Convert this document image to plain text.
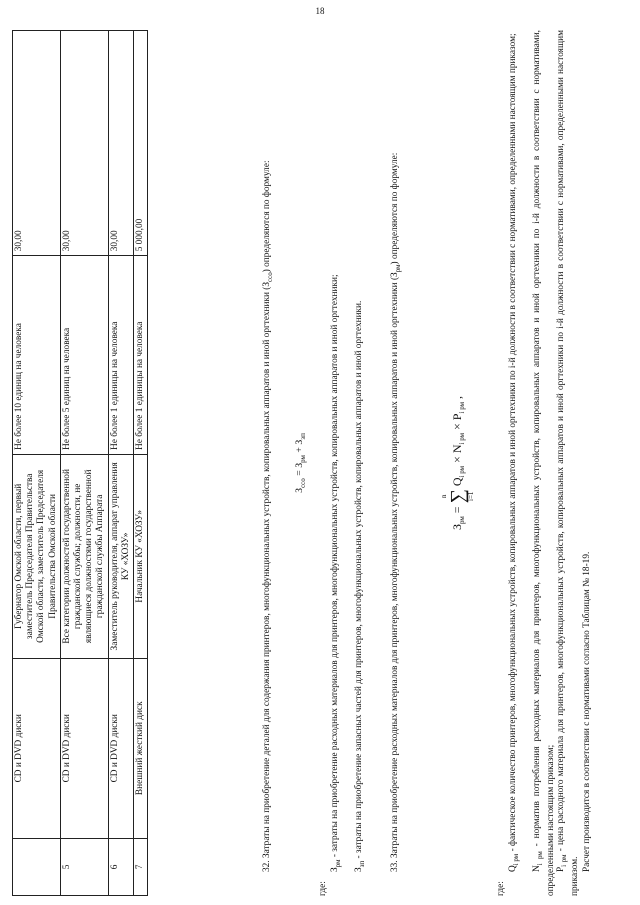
18
	CD и DVD диски	Губернатор Омской области, первый заместитель Председателя Правительства Омской области, заместитель Председателя Правительства Омской области	Не более 10 единиц на человека	30,00
5	CD и DVD диски	Все категории должностей государственной гражданской службы; должности, не являющиеся должностями государственной гражданской службы Аппарата	Не более 5 единиц на человека	30,00
6	CD и DVD диски	Заместитель руководителя, аппарат управления КУ «ХОЗУ»	Не более 1 единицы на человека	30,00
7	Внешний жесткий диск	Начальник КУ «ХОЗУ»	Не более 1 единицы на человека	5 000,00

32. Затраты на приобретение деталей для содержания принтеров, многофункциональных устройств, копировальных аппаратов и иной оргтехники $(З_{сco})$ определяются по формуле:

$З_{сco} = З_{рм} + З_{зп}$

где:

$З_{рм}$ - затраты на приобретение расходных материалов для принтеров, многофункциональных устройств, копировальных аппаратов и иной оргтехники;

$З_{зп}$ - затраты на приобретение запасных частей для принтеров, многофункциональных устройств, копировальных аппаратов и иной оргтехники.	33. Затраты на приобретение расходных материалов для принтеров, многофункциональных устройств, копировальных аппаратов и иной оргтехники $(З_{рм})$ определяются по формуле:

$З_{рм}$ =
n ∑
i=1
$Q_{i рм} \times N_{i рм} \times P_{i рм}$ ,

где:

$Q_{i рм}$ - фактическое количество принтеров, многофункциональных устройств, копировальных аппаратов и иной оргтехники по i-й должности в соответствии с нормативами, определенными настоящим приказом;

$N_{i рм}$ - норматив потребления расходных материалов для принтеров, многофункциональных устройств, копировальных аппаратов и иной оргтехники по i-й должности в соответствии с нормативами, определенными настоящим приказом; $P_{i рм}$ - цена расходного материала для принтеров, многофункциональных устройств, копировальных аппаратов и иной оргтехники по i-й должности в соответствии с нормативами, определенными настоящим приказом.

Расчет производится в соответствии с нормативами согласно Таблицам № 18-19.
